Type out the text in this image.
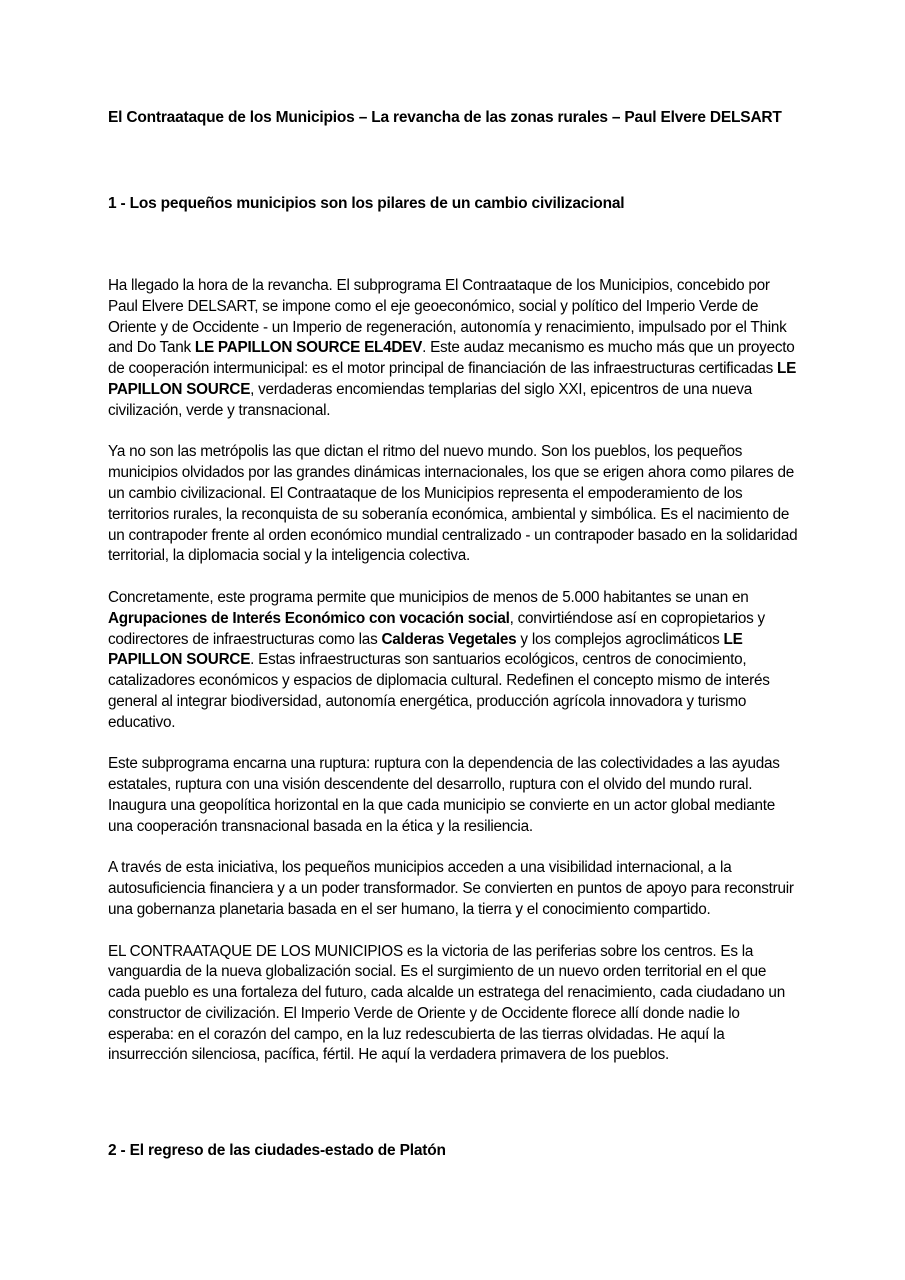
El Contraataque de los Municipios – La revancha de las zonas rurales – Paul Elvere DELSART
1 - Los pequeños municipios son los pilares de un cambio civilizacional

Ha llegado la hora de la revancha. El subprograma El Contraataque de los Municipios, concebido por Paul Elvere DELSART, se impone como el eje geoeconómico, social y político del Imperio Verde de Oriente y de Occidente - un Imperio de regeneración, autonomía y renacimiento, impulsado por el Think and Do Tank LE PAPILLON SOURCE EL4DEV. Este audaz mecanismo es mucho más que un proyecto de cooperación intermunicipal: es el motor principal de financiación de las infraestructuras certificadas LE PAPILLON SOURCE, verdaderas encomiendas templarias del siglo XXI, epicentros de una nueva civilización, verde y transnacional.

Ya no son las metrópolis las que dictan el ritmo del nuevo mundo. Son los pueblos, los pequeños municipios olvidados por las grandes dinámicas internacionales, los que se erigen ahora como pilares de un cambio civilizacional. El Contraataque de los Municipios representa el empoderamiento de los territorios rurales, la reconquista de su soberanía económica, ambiental y simbólica. Es el nacimiento de un contrapoder frente al orden económico mundial centralizado - un contrapoder basado en la solidaridad territorial, la diplomacia social y la inteligencia colectiva.

Concretamente, este programa permite que municipios de menos de 5.000 habitantes se unan en Agrupaciones de Interés Económico con vocación social, convirtiéndose así en copropietarios y codirectores de infraestructuras como las Calderas Vegetales y los complejos agroclimáticos LE PAPILLON SOURCE. Estas infraestructuras son santuarios ecológicos, centros de conocimiento, catalizadores económicos y espacios de diplomacia cultural. Redefinen el concepto mismo de interés general al integrar biodiversidad, autonomía energética, producción agrícola innovadora y turismo educativo.

Este subprograma encarna una ruptura: ruptura con la dependencia de las colectividades a las ayudas estatales, ruptura con una visión descendente del desarrollo, ruptura con el olvido del mundo rural. Inaugura una geopolítica horizontal en la que cada municipio se convierte en un actor global mediante una cooperación transnacional basada en la ética y la resiliencia.

A través de esta iniciativa, los pequeños municipios acceden a una visibilidad internacional, a la autosuficiencia financiera y a un poder transformador. Se convierten en puntos de apoyo para reconstruir una gobernanza planetaria basada en el ser humano, la tierra y el conocimiento compartido.

EL CONTRAATAQUE DE LOS MUNICIPIOS es la victoria de las periferias sobre los centros. Es la vanguardia de la nueva globalización social. Es el surgimiento de un nuevo orden territorial en el que cada pueblo es una fortaleza del futuro, cada alcalde un estratega del renacimiento, cada ciudadano un constructor de civilización. El Imperio Verde de Oriente y de Occidente florece allí donde nadie lo esperaba: en el corazón del campo, en la luz redescubierta de las tierras olvidadas. He aquí la insurrección silenciosa, pacífica, fértil. He aquí la verdadera primavera de los pueblos.

2 - El regreso de las ciudades-estado de Platón
